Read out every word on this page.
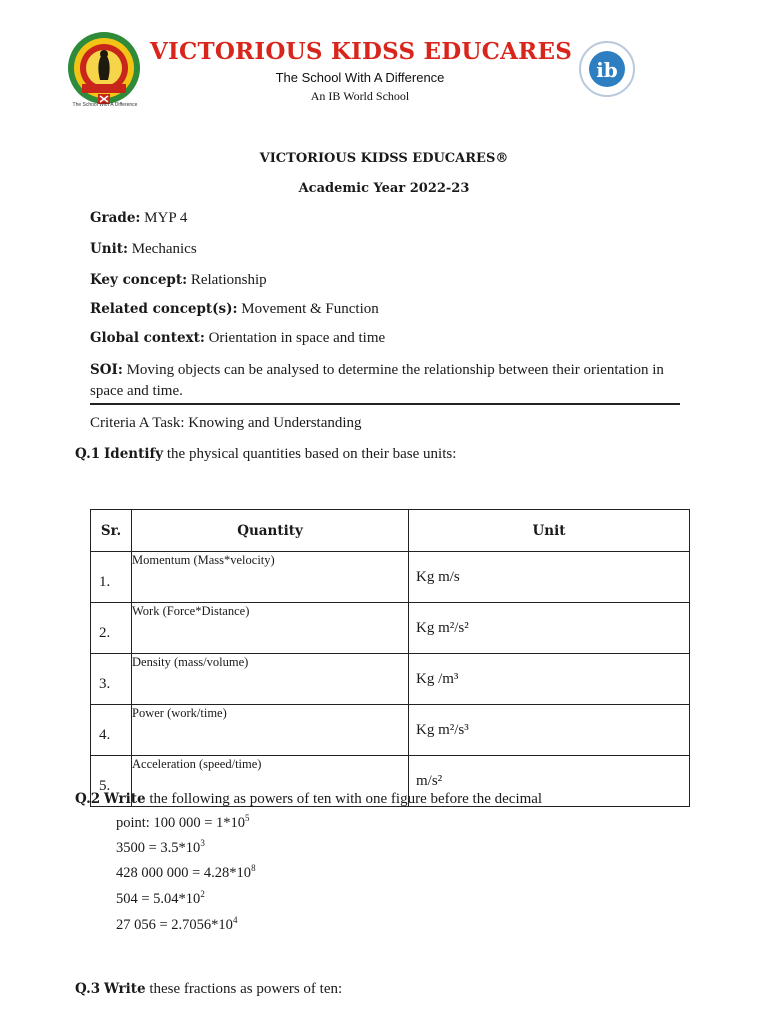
The School With A Difference
VICTORIOUS KIDSS EDUCARES
The School With A Difference
An IB World School
ib
VICTORIOUS KIDSS EDUCARES®
Academic Year 2022-23
Grade: MYP 4
Unit: Mechanics
Key concept: Relationship
Related concept(s): Movement & Function
Global context: Orientation in space and time
SOI: Moving objects can be analysed to determine the relationship between their orientation in space and time.
Criteria A Task: Knowing and Understanding
Q.1 Identify the physical quantities based on their base units:
Sr.	Quantity	Unit
1.	Momentum (Mass*velocity)	Kg m/s
2.	Work (Force*Distance)	Kg m²/s²
3.	Density (mass/volume)	Kg /m³
4.	Power (work/time)	Kg m²/s³
5.	Acceleration (speed/time)	m/s²
Q.2 Write the following as powers of ten with one figure before the decimal
point: 100 $000 = 1*10^5$
$3500 = 3.5*10^3$
428 000 $000 = 4.28*10^8$
$504 = 5.04*10^2$
27 $056 = 2.7056*10^4$
Q.3 Write these fractions as powers of ten:
